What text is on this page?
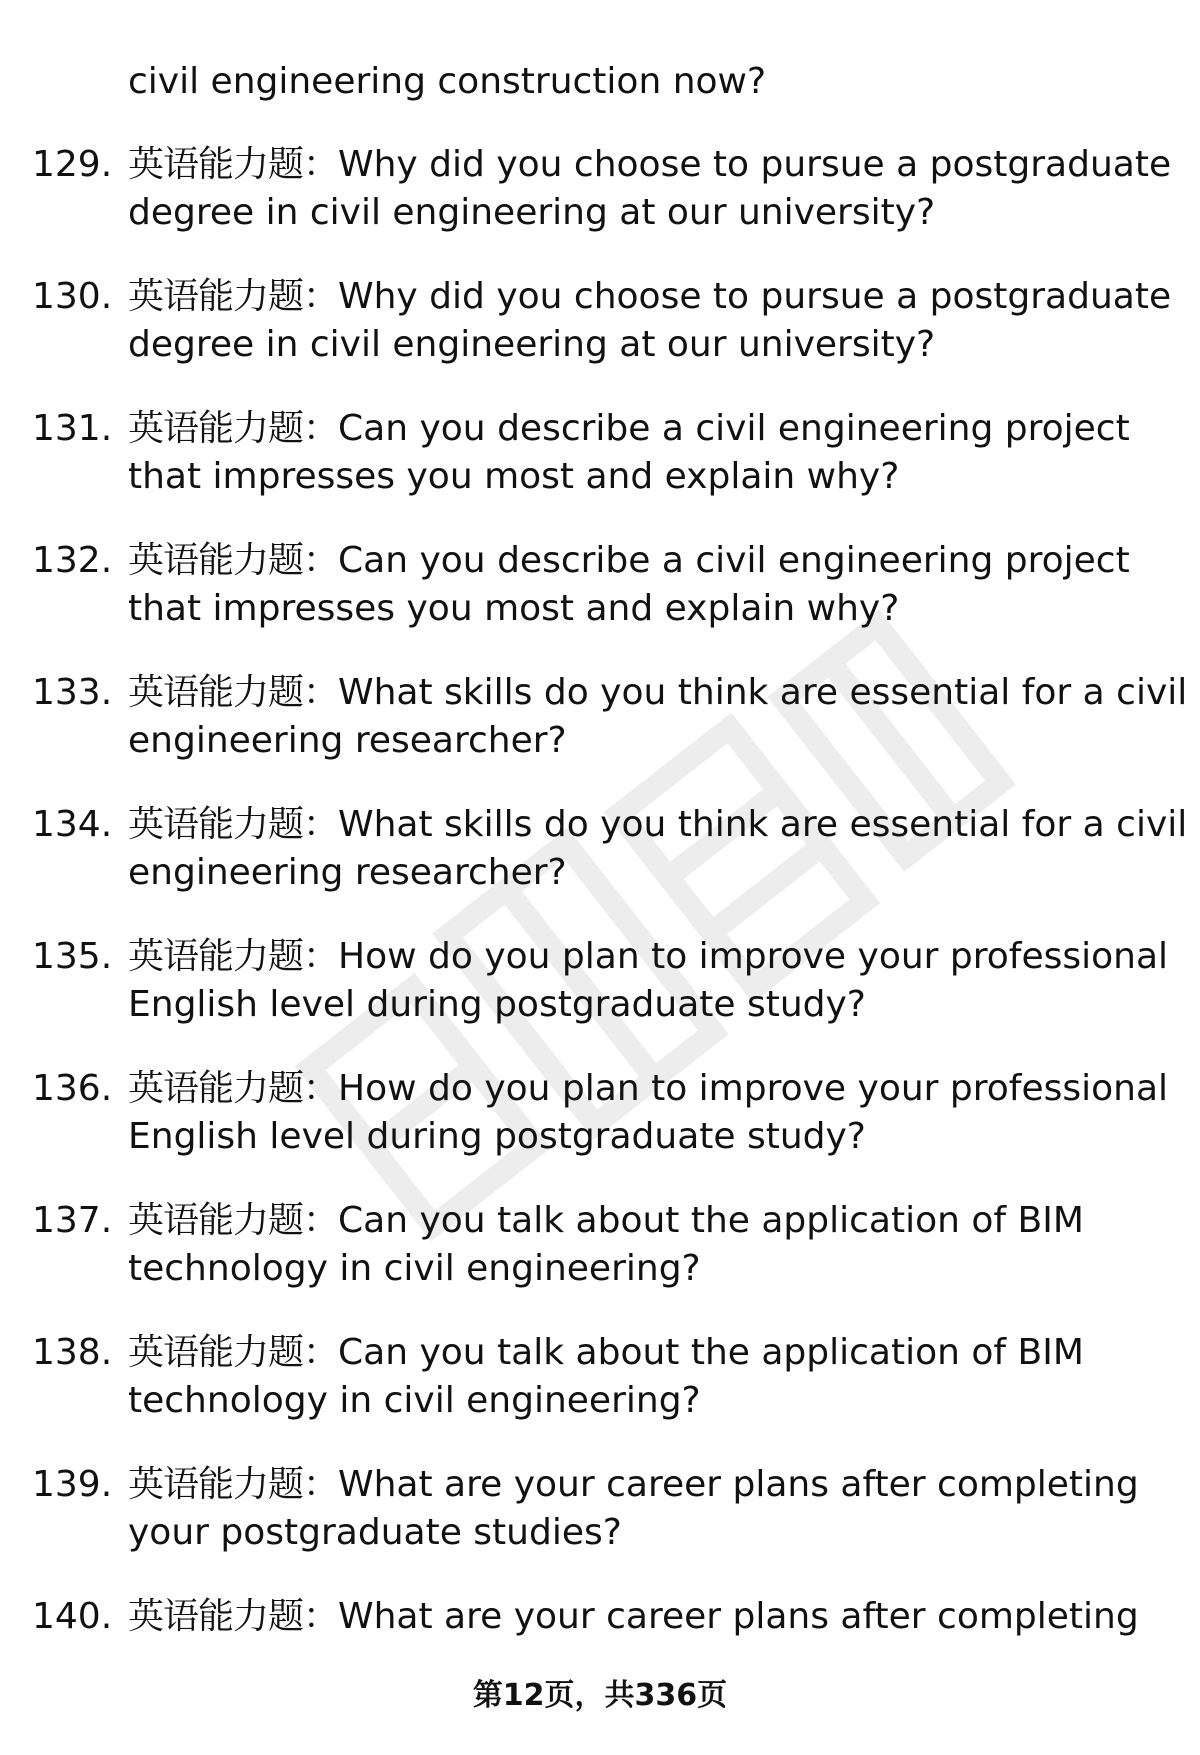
civil engineering construction now?
129. 英语能力题：Why did you choose to pursue a postgraduate degree in civil engineering at our university?
130. 英语能力题：Why did you choose to pursue a postgraduate degree in civil engineering at our university?
131. 英语能力题：Can you describe a civil engineering project that impresses you most and explain why?
132. 英语能力题：Can you describe a civil engineering project that impresses you most and explain why?
133. 英语能力题：What skills do you think are essential for a civil engineering researcher?
134. 英语能力题：What skills do you think are essential for a civil engineering researcher?
135. 英语能力题：How do you plan to improve your professional English level during postgraduate study?
136. 英语能力题：How do you plan to improve your professional English level during postgraduate study?
137. 英语能力题：Can you talk about the application of BIM technology in civil engineering?
138. 英语能力题：Can you talk about the application of BIM technology in civil engineering?
139. 英语能力题：What are your career plans after completing your postgraduate studies?
140. 英语能力题：What are your career plans after completing
第12页，共336页
